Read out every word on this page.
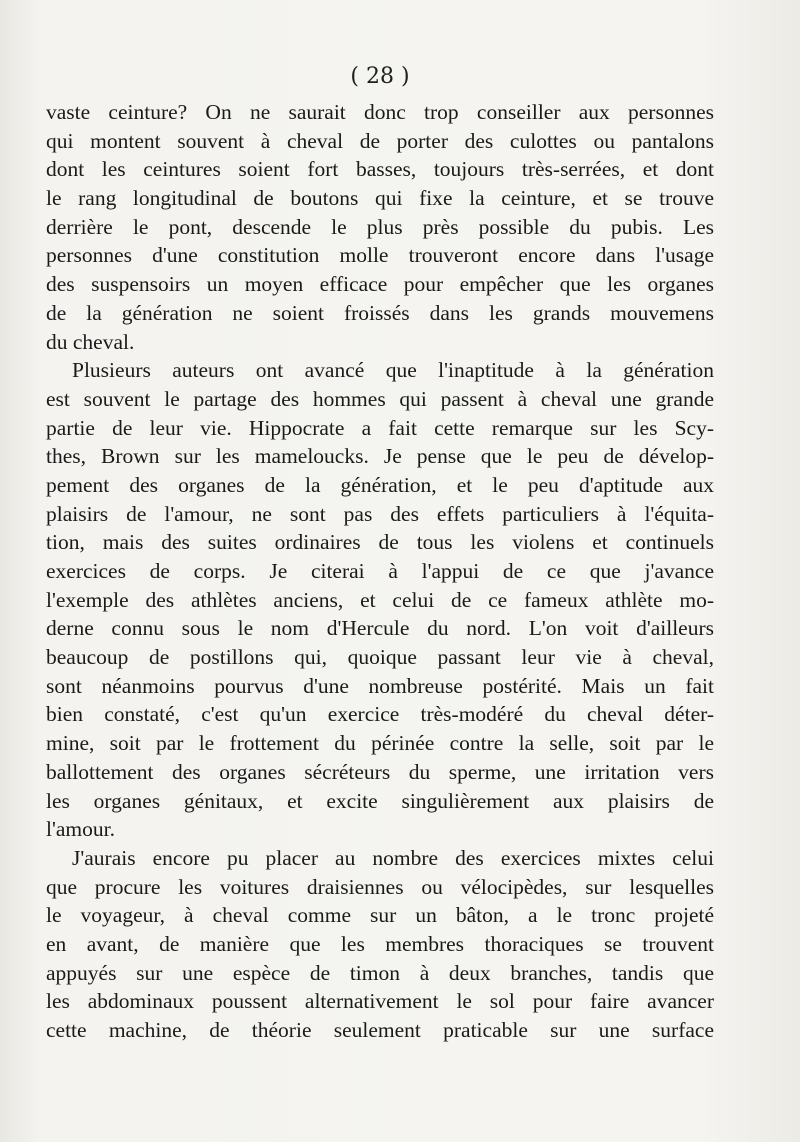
( 28 )
vaste ceinture? On ne saurait donc trop conseiller aux personnes
qui montent souvent à cheval de porter des culottes ou pantalons
dont les ceintures soient fort basses, toujours très-serrées, et dont
le rang longitudinal de boutons qui fixe la ceinture, et se trouve
derrière le pont, descende le plus près possible du pubis. Les
personnes d'une constitution molle trouveront encore dans l'usage
des suspensoirs un moyen efficace pour empêcher que les organes
de la génération ne soient froissés dans les grands mouvemens
du cheval.
Plusieurs auteurs ont avancé que l'inaptitude à la génération
est souvent le partage des hommes qui passent à cheval une grande
partie de leur vie. Hippocrate a fait cette remarque sur les Scy-
thes, Brown sur les mameloucks. Je pense que le peu de dévelop-
pement des organes de la génération, et le peu d'aptitude aux
plaisirs de l'amour, ne sont pas des effets particuliers à l'équita-
tion, mais des suites ordinaires de tous les violens et continuels
exercices de corps. Je citerai à l'appui de ce que j'avance
l'exemple des athlètes anciens, et celui de ce fameux athlète mo-
derne connu sous le nom d'Hercule du nord. L'on voit d'ailleurs
beaucoup de postillons qui, quoique passant leur vie à cheval,
sont néanmoins pourvus d'une nombreuse postérité. Mais un fait
bien constaté, c'est qu'un exercice très-modéré du cheval déter-
mine, soit par le frottement du périnée contre la selle, soit par le
ballottement des organes sécréteurs du sperme, une irritation vers
les organes génitaux, et excite singulièrement aux plaisirs de
l'amour.
J'aurais encore pu placer au nombre des exercices mixtes celui
que procure les voitures draisiennes ou vélocipèdes, sur lesquelles
le voyageur, à cheval comme sur un bâton, a le tronc projeté
en avant, de manière que les membres thoraciques se trouvent
appuyés sur une espèce de timon à deux branches, tandis que
les abdominaux poussent alternativement le sol pour faire avancer
cette machine, de théorie seulement praticable sur une surface
